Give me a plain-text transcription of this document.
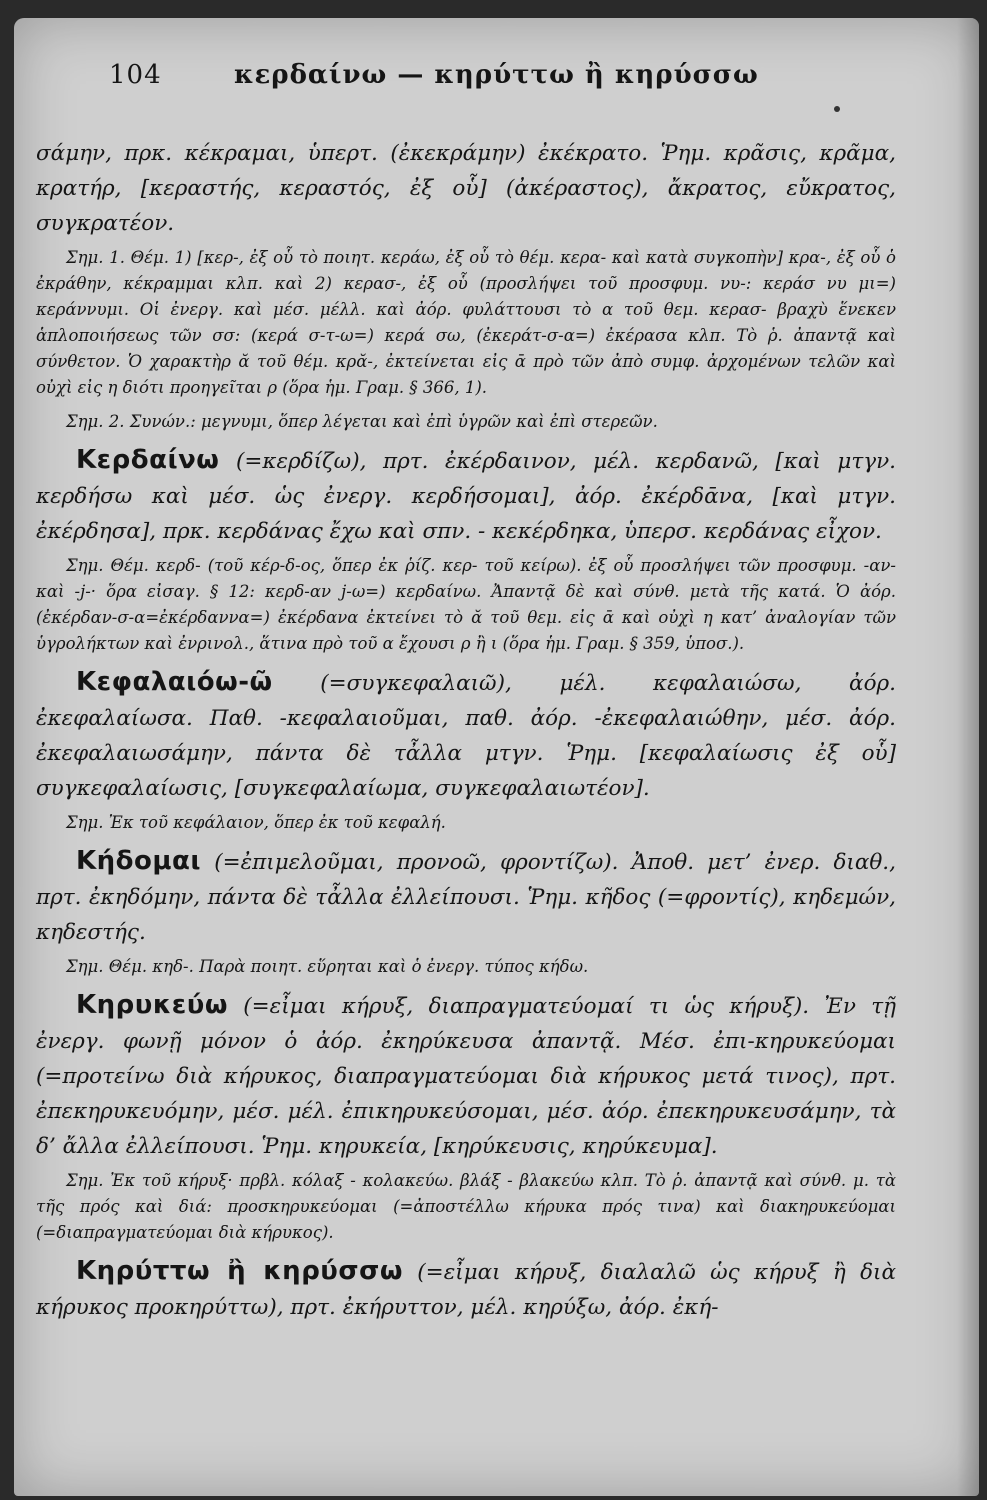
104	κερδαίνω — κηρύττω ἢ κηρύσσω

σάμην, πρκ. κέκραμαι, ὑπερτ. (ἐκεκράμην) ἐκέκρατο. Ῥημ. κρᾶσις, κρᾶμα, κρατήρ, [κεραστής, κεραστός, ἐξ οὗ] (ἀκέραστος), ἄκρατος, εὔκρατος, συγκρατέον.

Σημ. 1. Θέμ. 1) [κερ-, ἐξ οὗ τὸ ποιητ. κεράω, ἐξ οὗ τὸ θέμ. κερα- καὶ κατὰ συγκοπὴν] κρα-, ἐξ οὗ ὁ ἐκράθην, κέκραμμαι κλπ. καὶ 2) κερασ-, ἐξ οὗ (προσλήψει τοῦ προσφυμ. νυ-: κεράσ νυ μι=) κεράννυμι. Οἱ ἐνεργ. καὶ μέσ. μέλλ. καὶ ἀόρ. φυλάττουσι τὸ α τοῦ θεμ. κερασ- βραχὺ ἕνεκεν ἁπλοποιήσεως τῶν σσ: (κερά σ-τ-ω=) κερά σω, (ἐκεράτ-σ-α=) ἐκέρασα κλπ. Τὸ ῥ. ἀπαντᾷ καὶ σύνθετον. Ὁ χαρακτὴρ ᾰ τοῦ θέμ. κρᾰ-, ἐκτείνεται εἰς ᾱ πρὸ τῶν ἀπὸ συμφ. ἀρχομένων τελῶν καὶ οὐχὶ εἰς η διότι προηγεῖται ρ (ὅρα ἡμ. Γραμ. § 366, 1).

Σημ. 2. Συνών.: μεγνυμι, ὅπερ λέγεται καὶ ἐπὶ ὑγρῶν καὶ ἐπὶ στερεῶν.

Κερδαίνω (=κερδίζω), πρτ. ἐκέρδαινον, μέλ. κερδανῶ, [καὶ μτγν. κερδήσω καὶ μέσ. ὡς ἐνεργ. κερδήσομαι], ἀόρ. ἐκέρδᾱνα, [καὶ μτγν. ἐκέρδησα], πρκ. κερδάνας ἔχω καὶ σπν. - κεκέρδηκα, ὑπερσ. κερδάνας εἶχον.

Σημ. Θέμ. κερδ- (τοῦ κέρ-δ-ος, ὅπερ ἐκ ῥίζ. κερ- τοῦ κείρω). ἐξ οὗ προσλήψει τῶν προσφυμ. -αν- καὶ -j-· ὅρα εἰσαγ. § 12: κερδ-αν j-ω=) κερδαίνω. Ἀπαντᾷ δὲ καὶ σύνθ. μετὰ τῆς κατά. Ὁ ἀόρ. (ἐκέρδαν-σ-α=ἐκέρδαννα=) ἐκέρδανα ἐκτείνει τὸ ᾰ τοῦ θεμ. εἰς ᾱ καὶ οὐχὶ η κατ’ ἀναλογίαν τῶν ὑγρολήκτων καὶ ἐνρινολ., ἅτινα πρὸ τοῦ α ἔχουσι ρ ἢ ι (ὅρα ἡμ. Γραμ. § 359, ὑποσ.).

Κεφαλαιόω-ῶ (=συγκεφαλαιῶ), μέλ. κεφαλαιώσω, ἀόρ. ἐκεφαλαίωσα. Παθ. -κεφαλαιοῦμαι, παθ. ἀόρ. -ἐκεφαλαιώθην, μέσ. ἀόρ. ἐκεφαλαιωσάμην, πάντα δὲ τἆλλα μτγν. Ῥημ. [κεφαλαίωσις ἐξ οὗ] συγκεφαλαίωσις, [συγκεφαλαίωμα, συγκεφαλαιωτέον].

Σημ. Ἐκ τοῦ κεφάλαιον, ὅπερ ἐκ τοῦ κεφαλή.

Κήδομαι (=ἐπιμελοῦμαι, προνοῶ, φροντίζω). Ἀποθ. μετ’ ἐνερ. διαθ., πρτ. ἐκηδόμην, πάντα δὲ τἆλλα ἐλλείπουσι. Ῥημ. κῆδος (=φροντίς), κηδεμών, κηδεστής.

Σημ. Θέμ. κηδ-. Παρὰ ποιητ. εὕρηται καὶ ὁ ἐνεργ. τύπος κήδω.

Κηρυκεύω (=εἶμαι κήρυξ, διαπραγματεύομαί τι ὡς κήρυξ). Ἐν τῇ ἐνεργ. φωνῇ μόνον ὁ ἀόρ. ἐκηρύκευσα ἀπαντᾷ. Μέσ. ἐπι-κηρυκεύομαι (=προτείνω διὰ κήρυκος, διαπραγματεύομαι διὰ κήρυκος μετά τινος), πρτ. ἐπεκηρυκευόμην, μέσ. μέλ. ἐπικηρυκεύσομαι, μέσ. ἀόρ. ἐπεκηρυκευσάμην, τὰ δ’ ἄλλα ἐλλείπουσι. Ῥημ. κηρυκεία, [κηρύκευσις, κηρύκευμα].

Σημ. Ἐκ τοῦ κήρυξ· πρβλ. κόλαξ - κολακεύω. βλάξ - βλακεύω κλπ. Τὸ ῥ. ἀπαντᾷ καὶ σύνθ. μ. τὰ τῆς πρός καὶ διά: προσκηρυκεύομαι (=ἀποστέλλω κήρυκα πρός τινα) καὶ διακηρυκεύομαι (=διαπραγματεύομαι διὰ κήρυκος).

Κηρύττω ἢ κηρύσσω (=εἶμαι κήρυξ, διαλαλῶ ὡς κήρυξ ἢ διὰ κήρυκος προκηρύττω), πρτ. ἐκήρυττον, μέλ. κηρύξω, ἀόρ. ἐκή-
